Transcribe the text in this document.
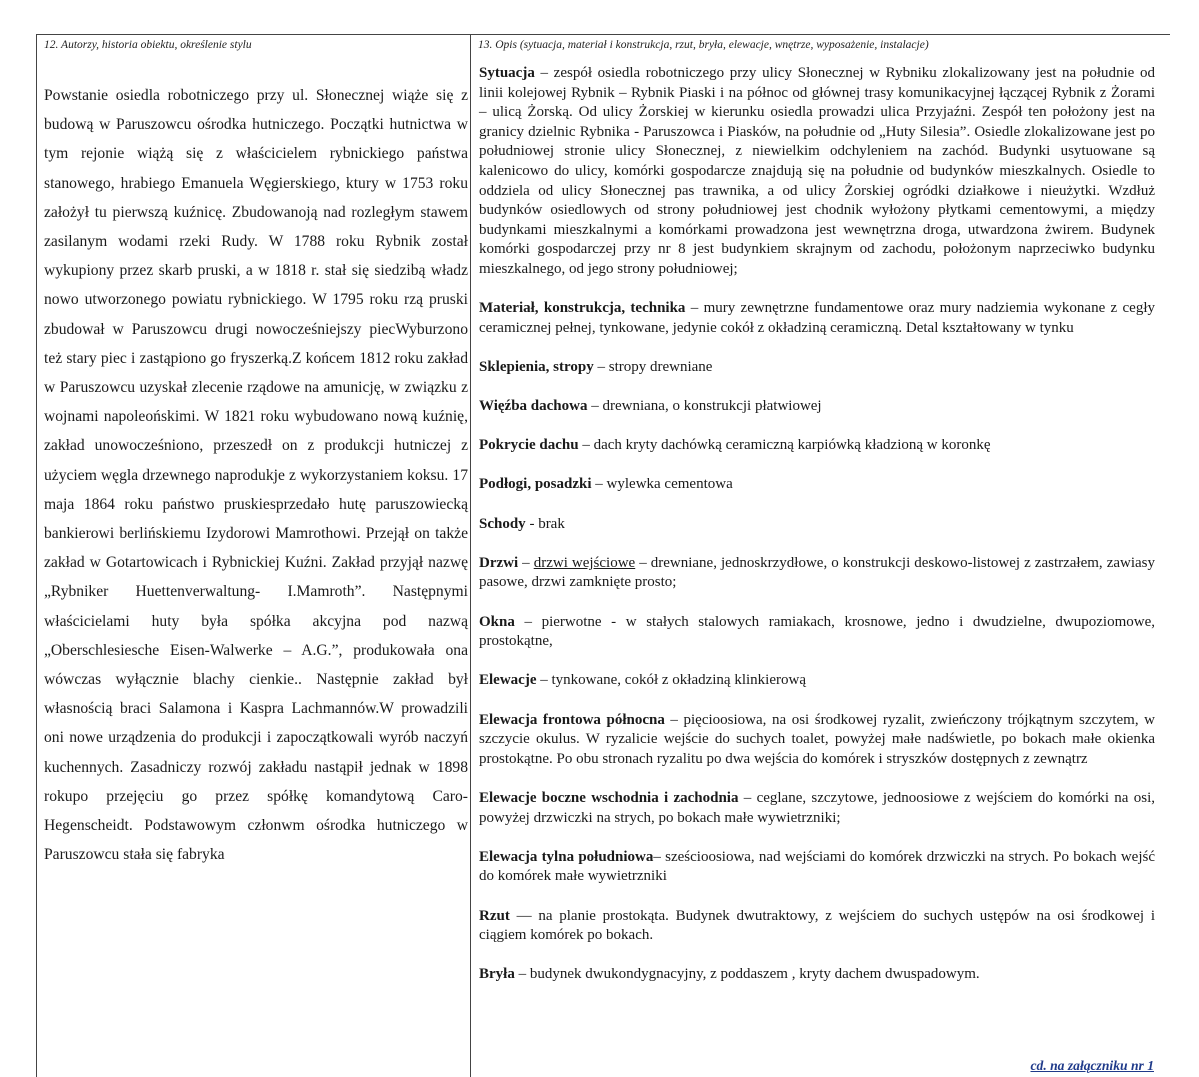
12. Autorzy, historia obiektu, określenie stylu	13. Opis (sytuacja, materiał i konstrukcja, rzut, bryła, elewacje, wnętrze, wyposażenie, instalacje)

Powstanie osiedla robotniczego przy ul. Słonecznej wiąże się z budową w Paruszowcu ośrodka hutniczego. Początki hutnictwa w tym rejonie wiążą się z właścicielem rybnickiego państwa stanowego, hrabiego Emanuela Węgierskiego, ktury w 1753 roku założył tu pierwszą kuźnicę. Zbudowanoją nad rozległym stawem zasilanym wodami rzeki Rudy. W 1788 roku Rybnik został wykupiony przez skarb pruski, a w 1818 r. stał się siedzibą władz nowo utworzonego powiatu rybnickiego. W 1795 roku rzą pruski zbudował w Paruszowcu drugi nowocześniejszy piecWyburzono też stary piec i zastąpiono go fryszerką.Z końcem 1812 roku zakład w Paruszowcu uzyskał zlecenie rządowe na amunicję, w związku z wojnami napoleońskimi. W 1821 roku wybudowano nową kuźnię, zakład unowocześniono, przeszedł on z produkcji hutniczej z użyciem węgla drzewnego naprodukje z wykorzystaniem koksu. 17 maja 1864 roku państwo pruskiesprzedało hutę paruszowiecką bankierowi berlińskiemu Izydorowi Mamrothowi. Przejął on także zakład w Gotartowicach i Rybnickiej Kuźni. Zakład przyjął nazwę „Rybniker Huettenverwaltung- I.Mamroth”. Następnymi właścicielami huty była spółka akcyjna pod nazwą „Oberschlesiesche Eisen-Walwerke – A.G.”, produkowała ona wówczas wyłącznie blachy cienkie.. Następnie zakład był własnością braci Salamona i Kaspra Lachmannów.W prowadzili oni nowe urządzenia do produkcji i zapoczątkowali wyrób naczyń kuchennych. Zasadniczy rozwój zakładu nastąpił jednak w 1898 rokupo przejęciu go przez spółkę komandytową Caro-Hegenscheidt. Podstawowym członwm ośrodka hutniczego w Paruszowcu stała się fabryka

Sytuacja – zespół osiedla robotniczego przy ulicy Słonecznej w Rybniku zlokalizowany jest na południe od linii kolejowej Rybnik – Rybnik Piaski i na północ od głównej trasy komunikacyjnej łączącej Rybnik z Żorami – ulicą Żorską. Od ulicy Żorskiej w kierunku osiedla prowadzi ulica Przyjaźni. Zespół ten położony jest na granicy dzielnic Rybnika - Paruszowca i Piasków, na południe od „Huty Silesia”. Osiedle zlokalizowane jest po południowej stronie ulicy Słonecznej, z niewielkim odchyleniem na zachód. Budynki usytuowane są kalenicowo do ulicy, komórki gospodarcze znajdują się na południe od budynków mieszkalnych. Osiedle to oddziela od ulicy Słonecznej pas trawnika, a od ulicy Żorskiej ogródki działkowe i nieużytki. Wzdłuż budynków osiedlowych od strony południowej jest chodnik wyłożony płytkami cementowymi, a między budynkami mieszkalnymi a komórkami prowadzona jest wewnętrzna droga, utwardzona żwirem. Budynek komórki gospodarczej przy nr 8 jest budynkiem skrajnym od zachodu, położonym naprzeciwko budynku mieszkalnego, od jego strony południowej;

Materiał, konstrukcja, technika – mury zewnętrzne fundamentowe oraz mury nadziemia wykonane z cegły ceramicznej pełnej, tynkowane, jedynie cokół z okładziną ceramiczną. Detal kształtowany w tynku

Sklepienia, stropy – stropy drewniane

Więźba dachowa – drewniana, o konstrukcji płatwiowej

Pokrycie dachu – dach kryty dachówką ceramiczną karpiówką kładzioną w koronkę

Podłogi, posadzki – wylewka cementowa

Schody - brak

Drzwi – drzwi wejściowe – drewniane, jednoskrzydłowe, o konstrukcji deskowo-listowej z zastrzałem, zawiasy pasowe, drzwi zamknięte prosto;

Okna – pierwotne - w stałych stalowych ramiakach, krosnowe, jedno i dwudzielne, dwupoziomowe, prostokątne,

Elewacje – tynkowane, cokół z okładziną klinkierową

Elewacja frontowa północna – pięcioosiowa, na osi środkowej ryzalit, zwieńczony trójkątnym szczytem, w szczycie okulus. W ryzalicie wejście do suchych toalet, powyżej małe nadświetle, po bokach małe okienka prostokątne. Po obu stronach ryzalitu po dwa wejścia do komórek i stryszków dostępnych z zewnątrz

Elewacje boczne wschodnia i zachodnia – ceglane, szczytowe, jednoosiowe z wejściem do komórki na osi, powyżej drzwiczki na strych, po bokach małe wywietrzniki;

Elewacja tylna południowa– sześcioosiowa, nad wejściami do komórek drzwiczki na strych. Po bokach wejść do komórek małe wywietrzniki

Rzut — na planie prostokąta. Budynek dwutraktowy, z wejściem do suchych ustępów na osi środkowej i ciągiem komórek po bokach.

Bryła – budynek dwukondygnacyjny, z poddaszem , kryty dachem dwuspadowym.

cd. na załączniku nr 1
